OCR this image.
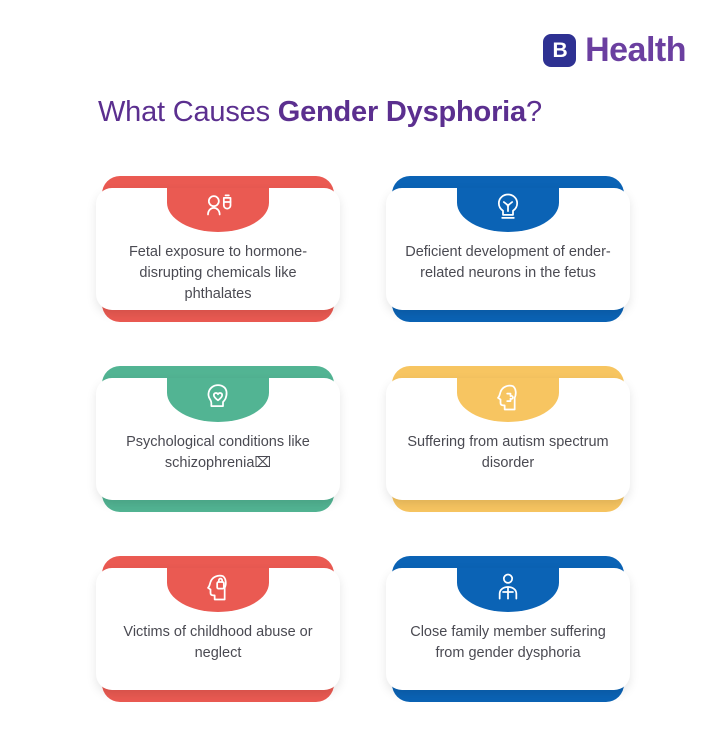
B Health
What Causes Gender Dysphoria?
Fetal exposure to hormone-disrupting chemicals like phthalates
Deficient development of ender-related neurons in the fetus
Psychological conditions like schizophrenia⌧
Suffering from autism spectrum disorder
Victims of childhood abuse or neglect
Close family member suffering from gender dysphoria
